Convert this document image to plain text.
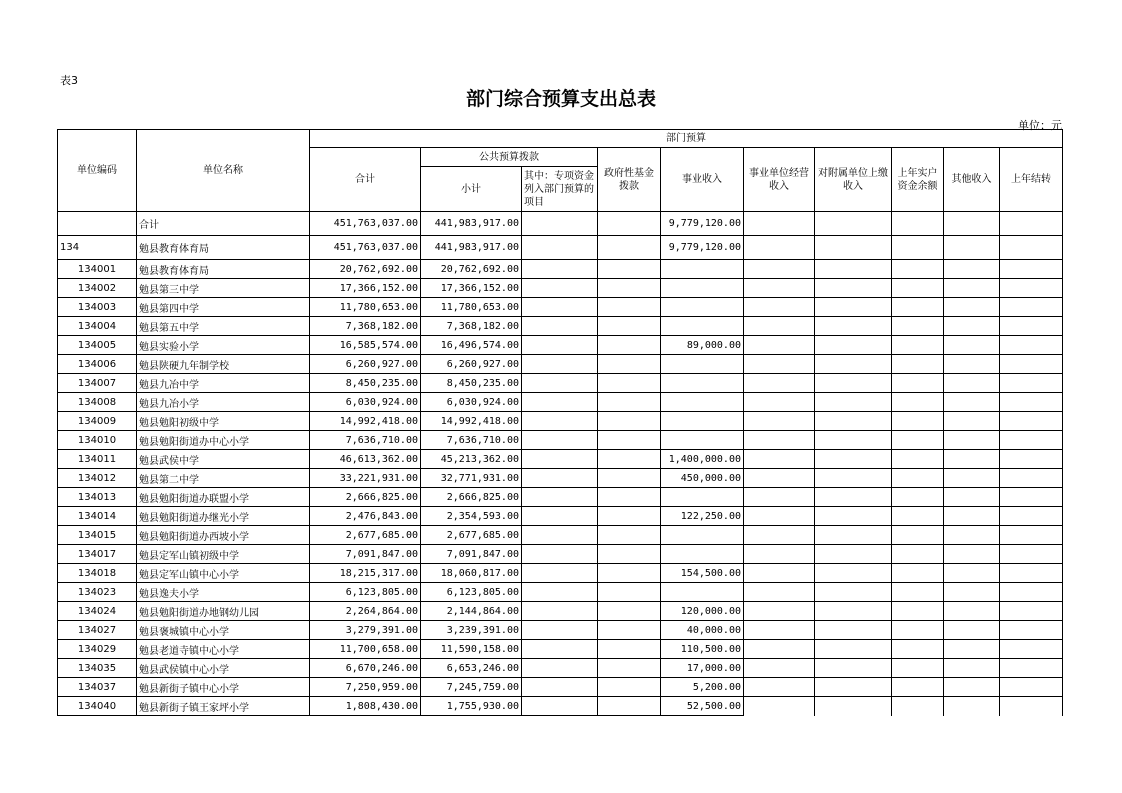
表3
部门综合预算支出总表
单位：元
单位编码	单位名称	部门预算									
		合计	公共预算拨款		政府性基金拨款	事业收入	事业单位经营收入	对附属单位上缴收入	上年实户资金余额	其他收入	上年结转
			小计	其中：专项资金列入部门预算的项目							
	合计	451,763,037.00	441,983,917.00			9,779,120.00					
134	勉县教育体育局	451,763,037.00	441,983,917.00			9,779,120.00					
134001	勉县教育体育局	20,762,692.00	20,762,692.00								
134002	勉县第三中学	17,366,152.00	17,366,152.00								
134003	勉县第四中学	11,780,653.00	11,780,653.00								
134004	勉县第五中学	7,368,182.00	7,368,182.00								
134005	勉县实验小学	16,585,574.00	16,496,574.00			89,000.00					
134006	勉县陕硬九年制学校	6,260,927.00	6,260,927.00								
134007	勉县九冶中学	8,450,235.00	8,450,235.00								
134008	勉县九冶小学	6,030,924.00	6,030,924.00								
134009	勉县勉阳初级中学	14,992,418.00	14,992,418.00								
134010	勉县勉阳街道办中心小学	7,636,710.00	7,636,710.00								
134011	勉县武侯中学	46,613,362.00	45,213,362.00			1,400,000.00					
134012	勉县第二中学	33,221,931.00	32,771,931.00			450,000.00					
134013	勉县勉阳街道办联盟小学	2,666,825.00	2,666,825.00								
134014	勉县勉阳街道办继光小学	2,476,843.00	2,354,593.00			122,250.00					
134015	勉县勉阳街道办西坡小学	2,677,685.00	2,677,685.00								
134017	勉县定军山镇初级中学	7,091,847.00	7,091,847.00								
134018	勉县定军山镇中心小学	18,215,317.00	18,060,817.00			154,500.00					
134023	勉县逸夫小学	6,123,805.00	6,123,805.00								
134024	勉县勉阳街道办地钢幼儿园	2,264,864.00	2,144,864.00			120,000.00					
134027	勉县褒城镇中心小学	3,279,391.00	3,239,391.00			40,000.00					
134029	勉县老道寺镇中心小学	11,700,658.00	11,590,158.00			110,500.00					
134035	勉县武侯镇中心小学	6,670,246.00	6,653,246.00			17,000.00					
134037	勉县新街子镇中心小学	7,250,959.00	7,245,759.00			5,200.00					
134040	勉县新街子镇王家坪小学	1,808,430.00	1,755,930.00			52,500.00					
